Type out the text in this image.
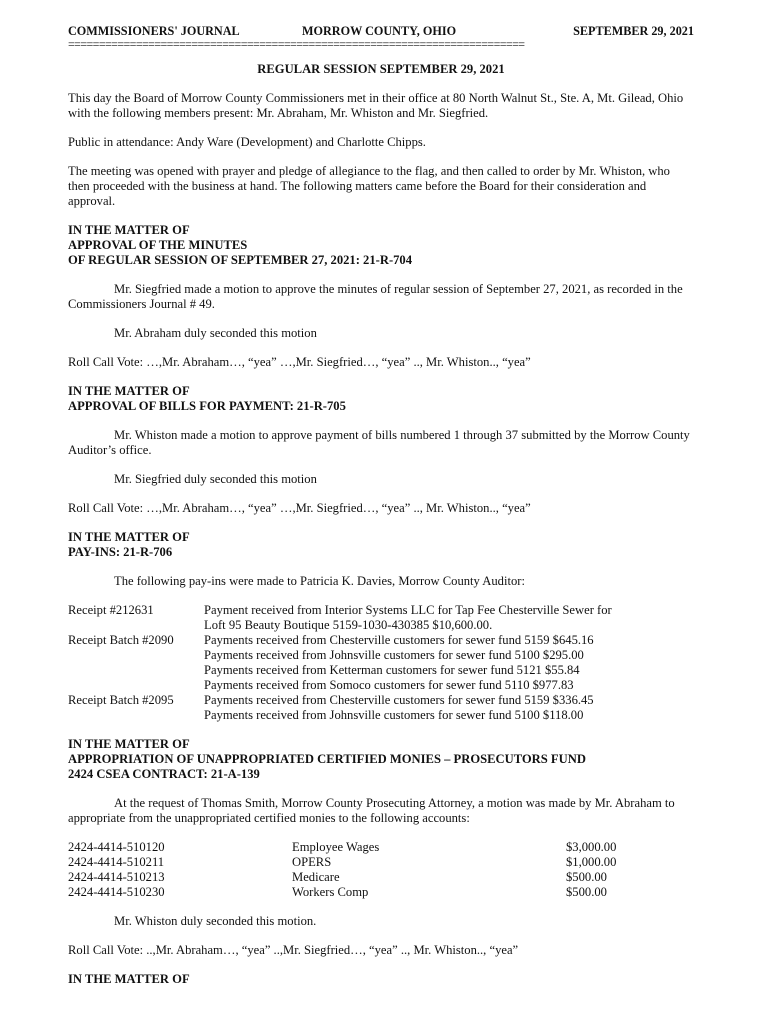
COMMISSIONERS' JOURNAL	MORROW COUNTY, OHIO	SEPTEMBER 29, 2021
==========================================================================
REGULAR SESSION SEPTEMBER 29, 2021

This day the Board of Morrow County Commissioners met in their office at 80 North Walnut St., Ste. A, Mt. Gilead, Ohio with the following members present: Mr. Abraham, Mr. Whiston and Mr. Siegfried.

Public in attendance: Andy Ware (Development) and Charlotte Chipps.

The meeting was opened with prayer and pledge of allegiance to the flag, and then called to order by Mr. Whiston, who then proceeded with the business at hand. The following matters came before the Board for their consideration and approval.

IN THE MATTER OF
APPROVAL OF THE MINUTES
OF REGULAR SESSION OF SEPTEMBER 27, 2021: 21-R-704

Mr. Siegfried made a motion to approve the minutes of regular session of September 27, 2021, as recorded in the Commissioners Journal # 49.

Mr. Abraham duly seconded this motion

Roll Call Vote: …,Mr. Abraham…, “yea” …,Mr. Siegfried…, “yea” .., Mr. Whiston.., “yea”

IN THE MATTER OF
APPROVAL OF BILLS FOR PAYMENT: 21-R-705

Mr. Whiston made a motion to approve payment of bills numbered 1 through 37 submitted by the Morrow County Auditor’s office.

Mr. Siegfried duly seconded this motion

Roll Call Vote: …,Mr. Abraham…, “yea” …,Mr. Siegfried…, “yea” .., Mr. Whiston.., “yea”

IN THE MATTER OF
PAY-INS: 21-R-706

The following pay-ins were made to Patricia K. Davies, Morrow County Auditor:

Receipt #212631	Payment received from Interior Systems LLC for Tap Fee Chesterville Sewer for
Loft 95 Beauty Boutique 5159-1030-430385 $10,600.00.
Receipt Batch #2090	Payments received from Chesterville customers for sewer fund 5159 $645.16
Payments received from Johnsville customers for sewer fund 5100 $295.00
Payments received from Ketterman customers for sewer fund 5121 $55.84
Payments received from Somoco customers for sewer fund 5110 $977.83
Receipt Batch #2095	Payments received from Chesterville customers for sewer fund 5159 $336.45
Payments received from Johnsville customers for sewer fund 5100 $118.00
IN THE MATTER OF
APPROPRIATION OF UNAPPROPRIATED CERTIFIED MONIES – PROSECUTORS FUND
2424 CSEA CONTRACT: 21-A-139

At the request of Thomas Smith, Morrow County Prosecuting Attorney, a motion was made by Mr. Abraham to appropriate from the unappropriated certified monies to the following accounts:

2424-4414-510120	Employee Wages	$3,000.00
2424-4414-510211	OPERS	$1,000.00
2424-4414-510213	Medicare	$500.00
2424-4414-510230	Workers Comp	$500.00

Mr. Whiston duly seconded this motion.

Roll Call Vote: ..,Mr. Abraham…, “yea” ..,Mr. Siegfried…, “yea” .., Mr. Whiston.., “yea”

IN THE MATTER OF
